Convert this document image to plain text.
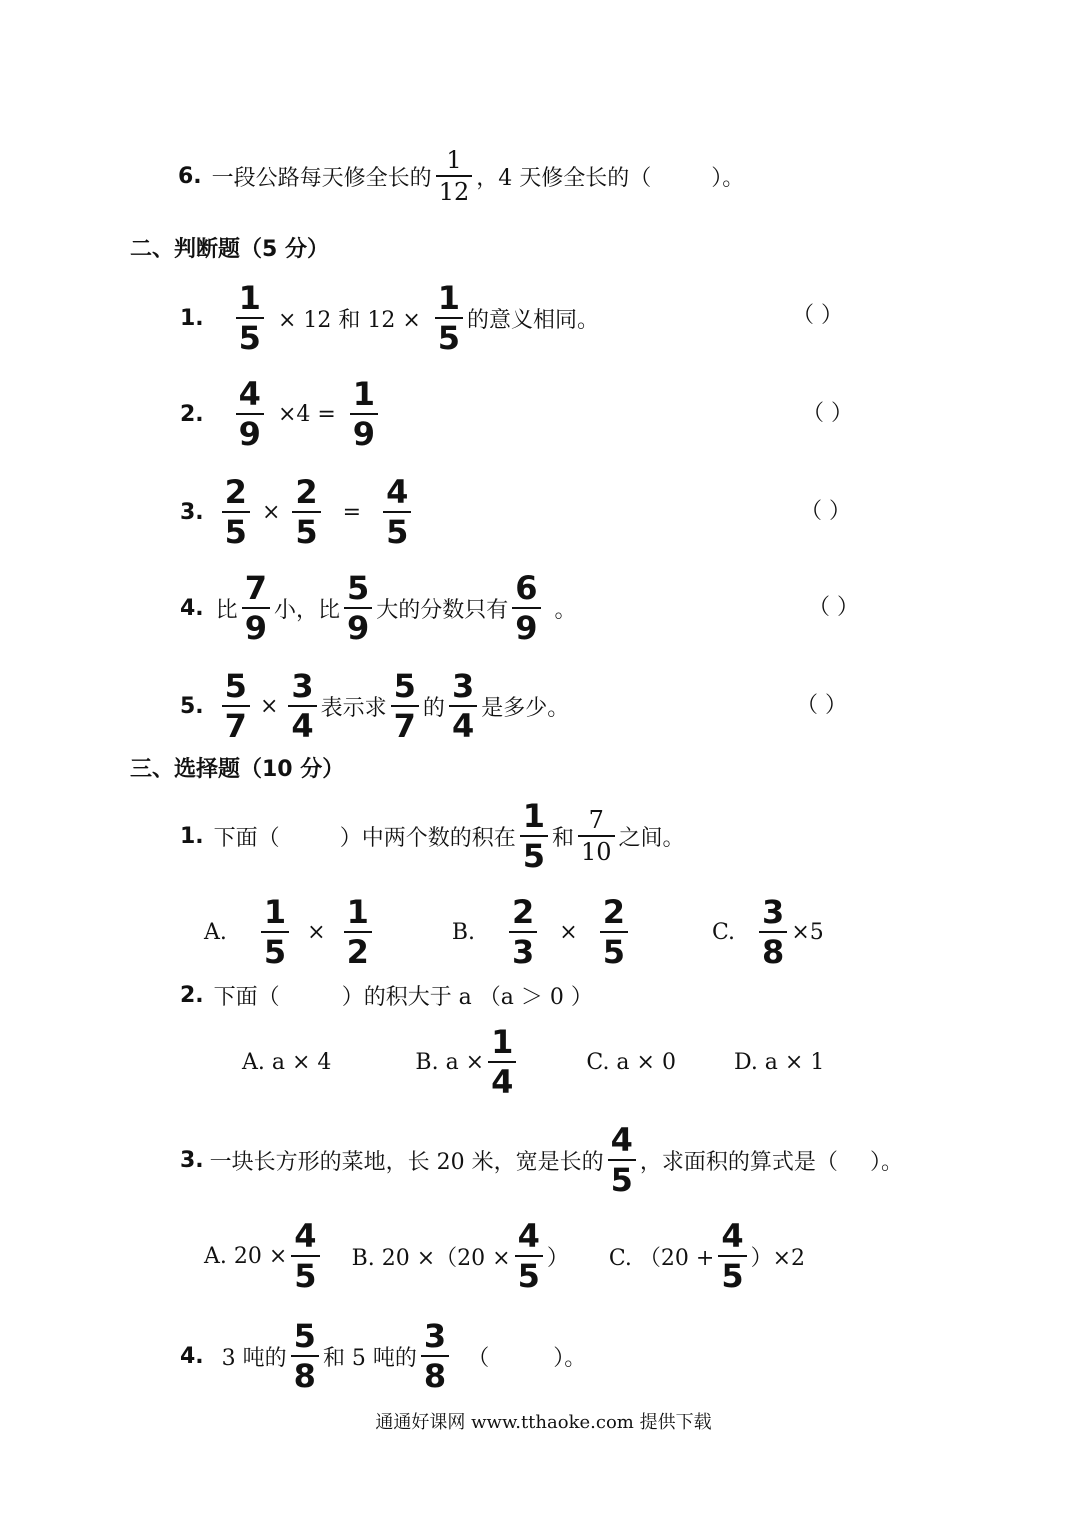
6. 一段公路每天修全长的 $\frac{1}{12}$ ，4 天修全长的（	）。
二、判断题（5 分）
1. $\frac{1}{5} \times 12$ 和 $12 \times \frac{1}{5}$ 的意义相同。	（ ）
2. $\frac{4}{9} \times 4 = \frac{1}{9}$	（ ）
3. $\frac{2}{5} \times \frac{2}{5} = \frac{4}{5}$	（ ）
4. 比 $\frac{7}{9}$ 小，比 $\frac{5}{9}$ 大的分数只有 $\frac{6}{9}$ 。	（ ）
5. $\frac{5}{7} \times \frac{3}{4}$ 表示求 $\frac{5}{7}$ 的 $\frac{3}{4}$ 是多少。	（ ）
三、选择题（10 分）
1. 下面（	）中两个数的积在 $\frac{1}{5}$ 和 $\frac{7}{10}$ 之间。
A. $\frac{1}{5} \times \frac{1}{2}$	B. $\frac{2}{3} \times \frac{2}{5}$	C. $\frac{3}{8} \times 5$
2. 下面（	）的积大于 a （a ＞ 0 ）
A. a × 4	B. $a \times \frac{1}{4}$	C. a × 0	D. a × 1
3. 一块长方形的菜地，长 20 米，宽是长的 $\frac{4}{5}$ ，求面积的算式是（ ）。
A. $20 \times \frac{4}{5} B$. $20 \times(20 \times \frac{4}{5}$ ） C. $(20 + \frac{4}{5} )\times 2$
4. 3 吨的 $\frac{5}{8}$ 和 5 吨的 $\frac{3}{8}$ （	）。
通通好课网 www.tthaoke.com 提供下载
